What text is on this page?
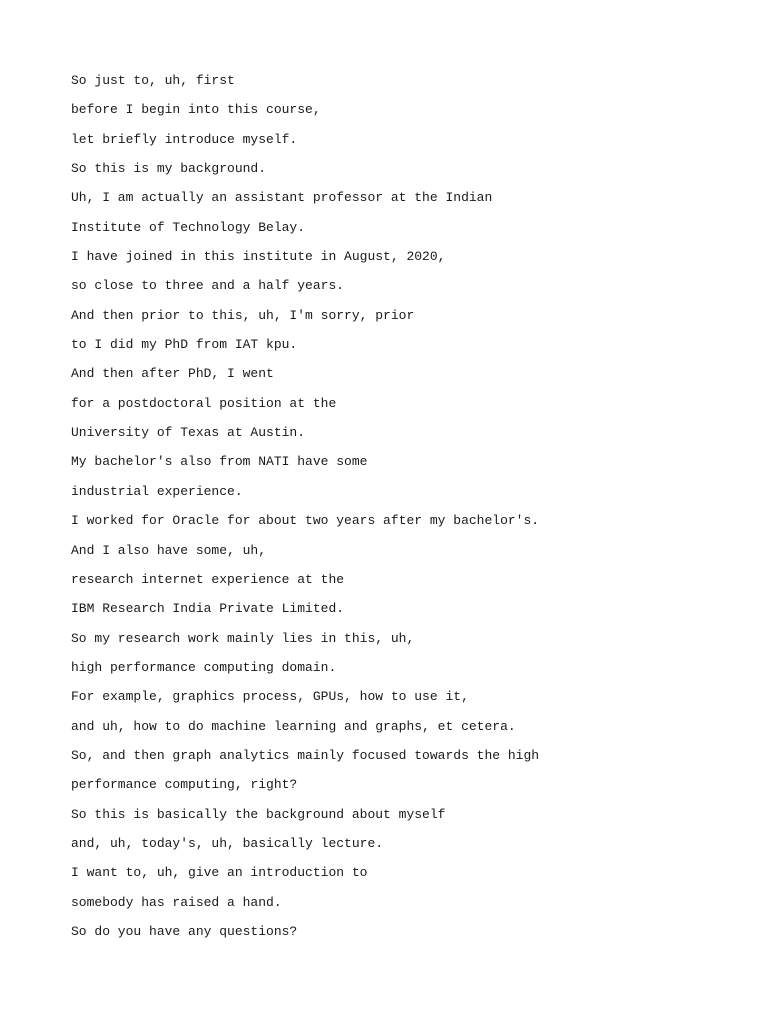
So just to, uh, first

before I begin into this course,

let briefly introduce myself.

So this is my background.

Uh, I am actually an assistant professor at the Indian

Institute of Technology Belay.

I have joined in this institute in August, 2020,

so close to three and a half years.

And then prior to this, uh, I'm sorry, prior

to I did my PhD from IAT kpu.

And then after PhD, I went

for a postdoctoral position at the

University of Texas at Austin.

My bachelor's also from NATI have some

industrial experience.

I worked for Oracle for about two years after my bachelor's.

And I also have some, uh,

research internet experience at the

IBM Research India Private Limited.

So my research work mainly lies in this, uh,

high performance computing domain.

For example, graphics process, GPUs, how to use it,

and uh, how to do machine learning and graphs, et cetera.

So, and then graph analytics mainly focused towards the high

performance computing, right?

So this is basically the background about myself

and, uh, today's, uh, basically lecture.

I want to, uh, give an introduction to

somebody has raised a hand.

So do you have any questions?
